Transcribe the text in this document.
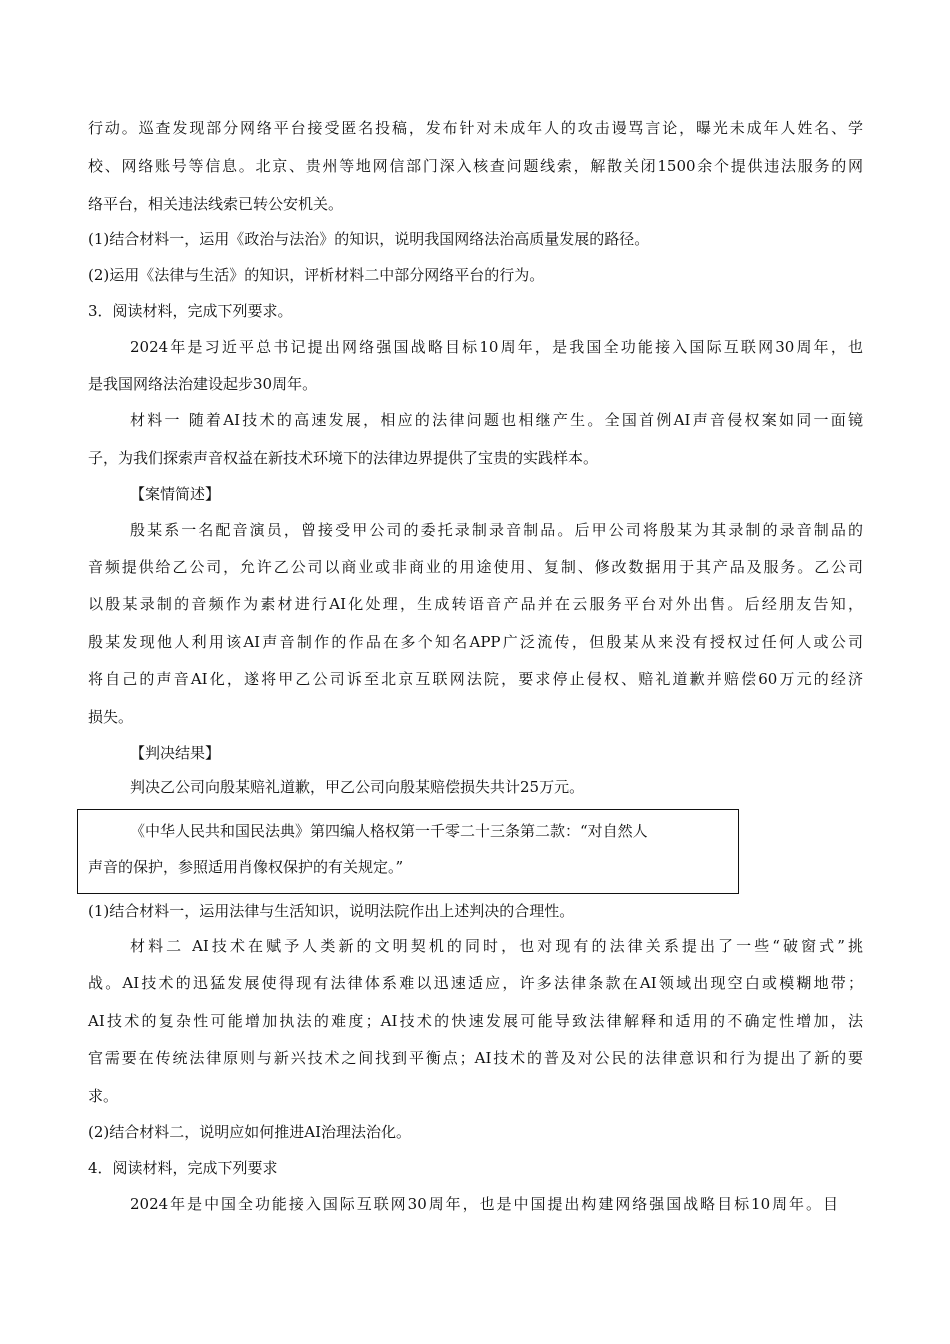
行动。巡查发现部分网络平台接受匿名投稿，发布针对未成年人的攻击谩骂言论，曝光未成年人姓名、学
校、网络账号等信息。北京、贵州等地网信部门深入核查问题线索，解散关闭1500余个提供违法服务的网
络平台，相关违法线索已转公安机关。
(1)结合材料一，运用《政治与法治》的知识，说明我国网络法治高质量发展的路径。
(2)运用《法律与生活》的知识，评析材料二中部分网络平台的行为。
3．阅读材料，完成下列要求。
2024年是习近平总书记提出网络强国战略目标10周年，是我国全功能接入国际互联网30周年，也
是我国网络法治建设起步30周年。
材料一 随着AI技术的高速发展，相应的法律问题也相继产生。全国首例AI声音侵权案如同一面镜
子，为我们探索声音权益在新技术环境下的法律边界提供了宝贵的实践样本。
【案情简述】
殷某系一名配音演员，曾接受甲公司的委托录制录音制品。后甲公司将殷某为其录制的录音制品的
音频提供给乙公司，允许乙公司以商业或非商业的用途使用、复制、修改数据用于其产品及服务。乙公司
以殷某录制的音频作为素材进行AI化处理，生成转语音产品并在云服务平台对外出售。后经朋友告知，
殷某发现他人利用该AI声音制作的作品在多个知名APP广泛流传，但殷某从来没有授权过任何人或公司
将自己的声音AI化，遂将甲乙公司诉至北京互联网法院，要求停止侵权、赔礼道歉并赔偿60万元的经济
损失。
【判决结果】
判决乙公司向殷某赔礼道歉，甲乙公司向殷某赔偿损失共计25万元。
《中华人民共和国民法典》第四编人格权第一千零二十三条第二款：“对自然人
声音的保护，参照适用肖像权保护的有关规定。”
(1)结合材料一，运用法律与生活知识，说明法院作出上述判决的合理性。
材料二 AI技术在赋予人类新的文明契机的同时，也对现有的法律关系提出了一些“破窗式”挑
战。AI技术的迅猛发展使得现有法律体系难以迅速适应，许多法律条款在AI领域出现空白或模糊地带；
AI技术的复杂性可能增加执法的难度；AI技术的快速发展可能导致法律解释和适用的不确定性增加，法
官需要在传统法律原则与新兴技术之间找到平衡点；AI技术的普及对公民的法律意识和行为提出了新的要
求。
(2)结合材料二，说明应如何推进AI治理法治化。
4．阅读材料，完成下列要求
2024年是中国全功能接入国际互联网30周年，也是中国提出构建网络强国战略目标10周年。目
